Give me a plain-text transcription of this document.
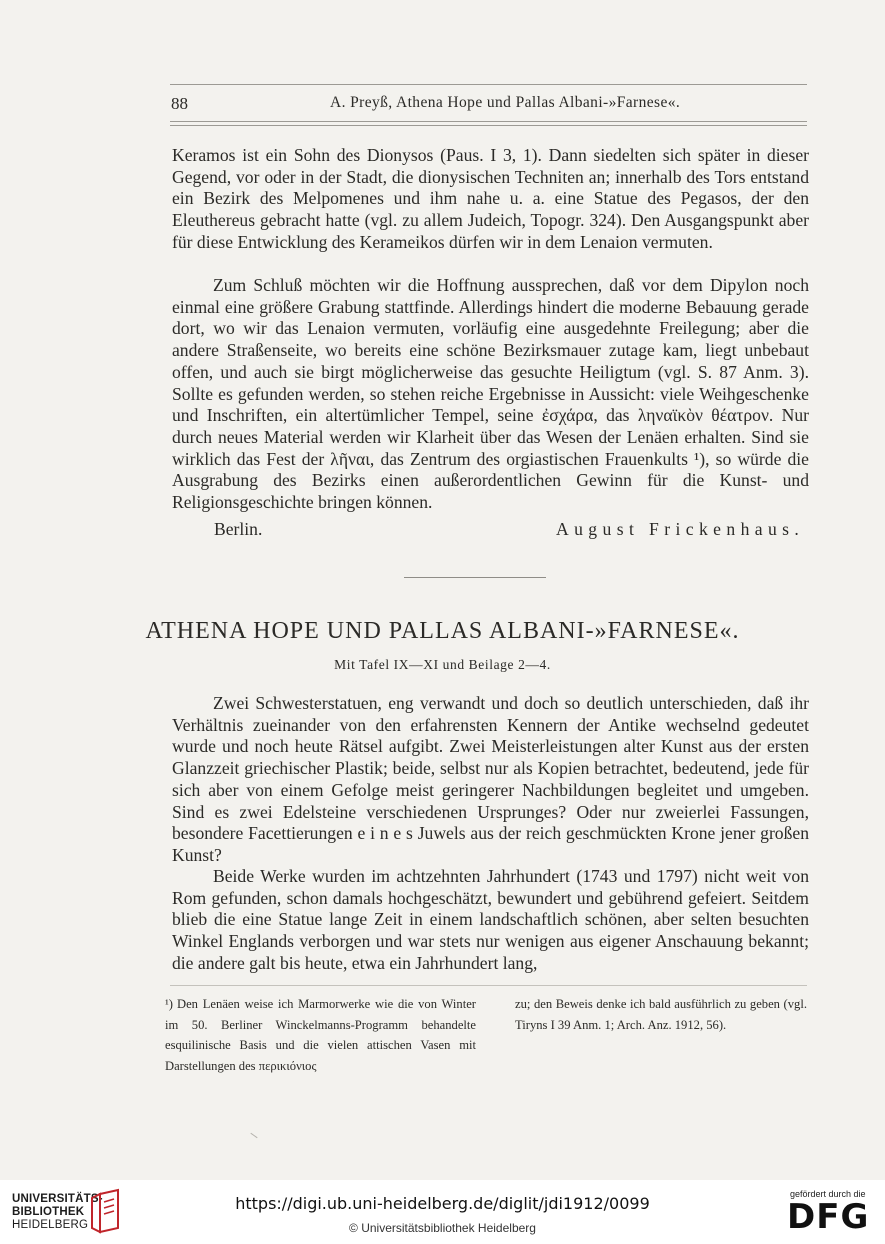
88	A. Preyß, Athena Hope und Pallas Albani-»Farnese«.

Keramos ist ein Sohn des Dionysos (Paus. I 3, 1). Dann siedelten sich später in dieser Gegend, vor oder in der Stadt, die dionysischen Techniten an; innerhalb des Tors entstand ein Bezirk des Melpomenes und ihm nahe u. a. eine Statue des Pegasos, der den Eleuthereus gebracht hatte (vgl. zu allem Judeich, Topogr. 324). Den Ausgangspunkt aber für diese Entwicklung des Kerameikos dürfen wir in dem Lenaion vermuten.

Zum Schluß möchten wir die Hoffnung aussprechen, daß vor dem Dipylon noch einmal eine größere Grabung stattfinde. Allerdings hindert die moderne Bebauung gerade dort, wo wir das Lenaion vermuten, vorläufig eine ausgedehnte Freilegung; aber die andere Straßenseite, wo bereits eine schöne Bezirksmauer zutage kam, liegt unbebaut offen, und auch sie birgt möglicherweise das gesuchte Heiligtum (vgl. S. 87 Anm. 3). Sollte es gefunden werden, so stehen reiche Ergebnisse in Aussicht: viele Weihgeschenke und Inschriften, ein altertümlicher Tempel, seine ἐσχάρα, das ληναϊκὸν θέατρον. Nur durch neues Material werden wir Klarheit über das Wesen der Lenäen erhalten. Sind sie wirklich das Fest der λῆναι, das Zentrum des orgiastischen Frauenkults ¹), so würde die Ausgrabung des Bezirks einen außerordentlichen Gewinn für die Kunst- und Religionsgeschichte bringen können.

Berlin.	August Frickenhaus.
ATHENA HOPE UND PALLAS ALBANI-»FARNESE«.
Mit Tafel IX—XI und Beilage 2—4.

Zwei Schwesterstatuen, eng verwandt und doch so deutlich unterschieden, daß ihr Verhältnis zueinander von den erfahrensten Kennern der Antike wechselnd gedeutet wurde und noch heute Rätsel aufgibt. Zwei Meisterleistungen alter Kunst aus der ersten Glanzzeit griechischer Plastik; beide, selbst nur als Kopien betrachtet, bedeutend, jede für sich aber von einem Gefolge meist geringerer Nachbildungen begleitet und umgeben. Sind es zwei Edelsteine verschiedenen Ursprunges? Oder nur zweierlei Fassungen, besondere Facettierungen e i n e s Juwels aus der reich geschmückten Krone jener großen Kunst?

Beide Werke wurden im achtzehnten Jahrhundert (1743 und 1797) nicht weit von Rom gefunden, schon damals hochgeschätzt, bewundert und gebührend gefeiert. Seitdem blieb die eine Statue lange Zeit in einem landschaftlich schönen, aber selten besuchten Winkel Englands verborgen und war stets nur wenigen aus eigener Anschauung bekannt; die andere galt bis heute, etwa ein Jahrhundert lang,

¹) Den Lenäen weise ich Marmorwerke wie die von Winter im 50. Berliner Winckelmanns-Programm behandelte esquilinische Basis und die vielen attischen Vasen mit Darstellungen des περικιόνιος
zu; den Beweis denke ich bald ausführlich zu geben (vgl. Tiryns I 39 Anm. 1; Arch. Anz. 1912, 56).
UNIVERSITÄTS-
BIBLIOTHEK
HEIDELBERG
https://digi.ub.uni-heidelberg.de/diglit/jdi1912/0099
© Universitätsbibliothek Heidelberg
gefördert durch die
DFG
